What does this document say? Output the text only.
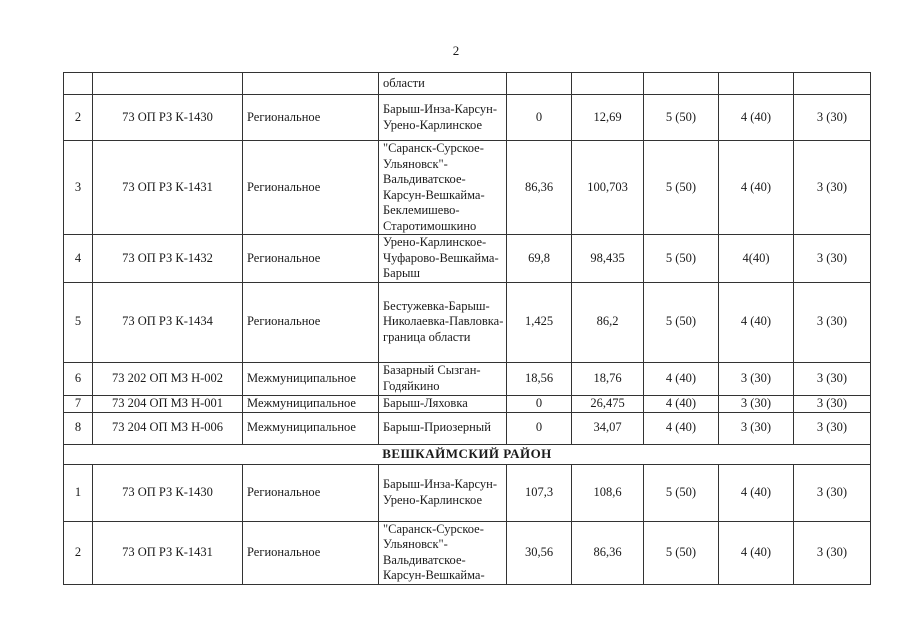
2
			области					
2	73 ОП РЗ К-1430	Региональное	Барыш-Инза-Карсун-Урено-Карлинское	0	12,69	5 (50)	4 (40)	3 (30)
3	73 ОП РЗ К-1431	Региональное	"Саранск-Сурское-Ульяновск"-Вальдиватское-Карсун-Вешкайма-Беклемишево-Старотимошкино	86,36	100,703	5 (50)	4 (40)	3 (30)
4	73 ОП РЗ К-1432	Региональное	Урено-Карлинское-Чуфарово-Вешкайма-Барыш	69,8	98,435	5 (50)	4(40)	3 (30)
5	73 ОП РЗ К-1434	Региональное	Бестужевка-Барыш-Николаевка-Павловка-граница области	1,425	86,2	5 (50)	4 (40)	3 (30)
6	73 202 ОП МЗ Н-002	Межмуниципальное	Базарный Сызган-Годяйкино	18,56	18,76	4 (40)	3 (30)	3 (30)
7	73 204 ОП МЗ Н-001	Межмуниципальное	Барыш-Ляховка	0	26,475	4 (40)	3 (30)	3 (30)
8	73 204 ОП МЗ Н-006	Межмуниципальное	Барыш-Приозерный	0	34,07	4 (40)	3 (30)	3 (30)
ВЕШКАЙМСКИЙ РАЙОН								
1	73 ОП РЗ К-1430	Региональное	Барыш-Инза-Карсун-Урено-Карлинское	107,3	108,6	5 (50)	4 (40)	3 (30)
2	73 ОП РЗ К-1431	Региональное	"Саранск-Сурское-Ульяновск"-Вальдиватское-Карсун-Вешкайма-	30,56	86,36	5 (50)	4 (40)	3 (30)
